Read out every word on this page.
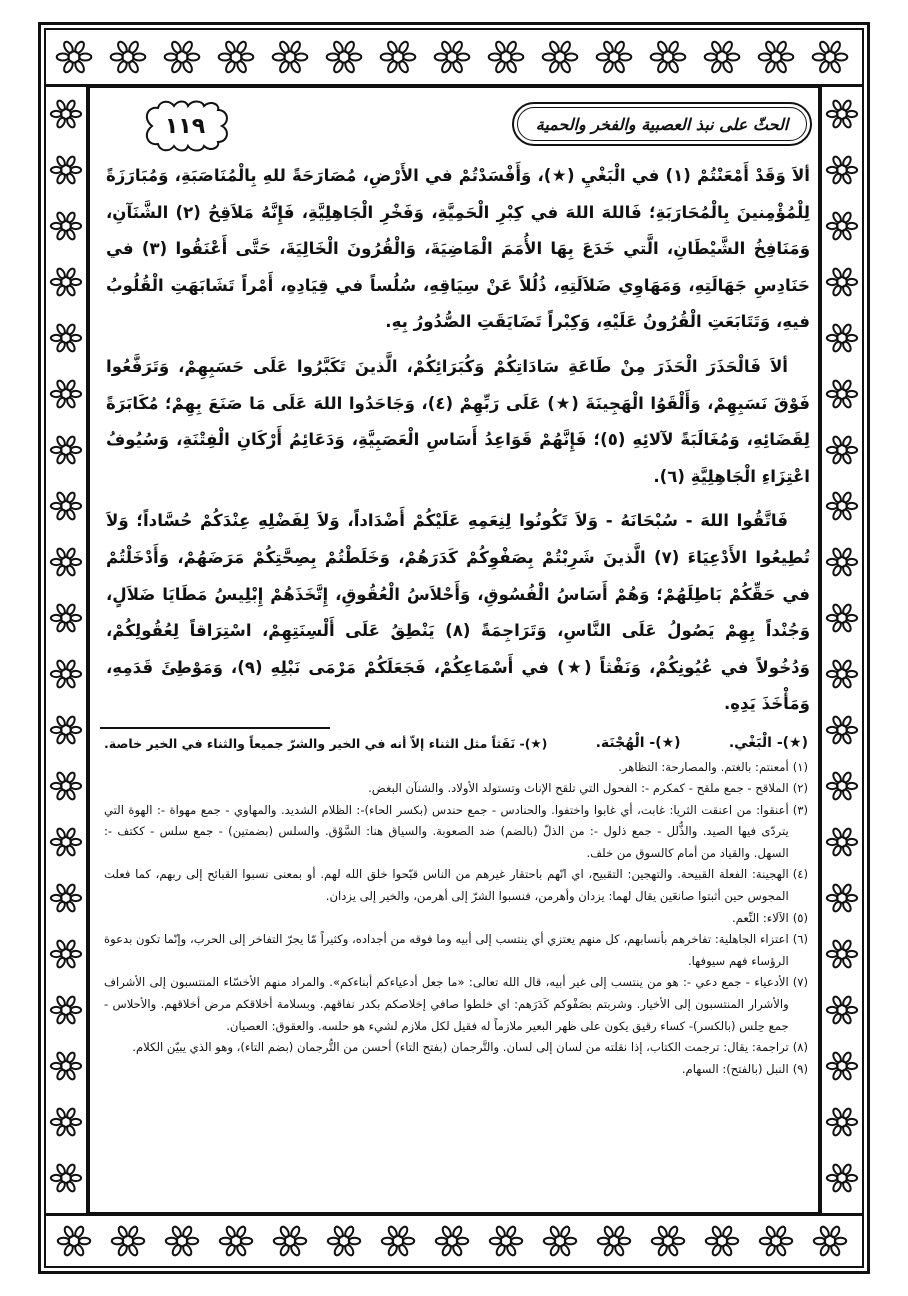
الحثّ على نبذ العصبية والفخر والحمية
١١٩

ألاَ وَقَدْ أَمْعَنْتُمْ (١) في الْبَغْيِ (★)، وَأَفْسَدْتُمْ في الأَرْضِ، مُصَارَحَةً للهِ بِالْمُنَاصَبَةِ، وَمُبَارَزَةً لِلْمُؤْمِنينَ بِالْمُحَارَبَةِ؛ فَاللهَ اللهَ في كِبْرِ الْحَمِيَّةِ، وَفَخْرِ الْجَاهِلِيَّةِ، فَإِنَّهُ مَلاَقِحُ (٢) الشَّنَآنِ، وَمَنَافِخُ الشَّيْطَانِ، الَّتي خَدَعَ بِهَا الأُمَمَ الْمَاضِيَةَ، وَالْقُرُونَ الْخَالِيَةَ، حَتَّى أَعْنَقُوا (٣) في حَنَادِسِ جَهَالَتِهِ، وَمَهَاوِي ضَلاَلَتِهِ، ذُلُلاً عَنْ سِيَاقِهِ، سُلُساً في قِيَادِهِ، أَمْراً تَشَابَهَتِ الْقُلُوبُ فيهِ، وَتَتَابَعَتِ الْقُرُونُ عَلَيْهِ، وَكِبْراً تَضَايَقَتِ الصُّدُورُ بِهِ.

ألاَ فَالْحَذَرَ الْحَذَرَ مِنْ طَاعَةِ سَادَاتِكُمْ وَكُبَرَائِكُمْ، الَّذينَ تَكَبَّرُوا عَلَى حَسَبِهِمْ، وَتَرَفَّعُوا فَوْقَ نَسَبِهِمْ، وَأَلْقَوُا الْهَجِينَةَ (★) عَلَى رَبِّهِمْ (٤)، وَجَاحَدُوا اللهَ عَلَى مَا صَنَعَ بِهِمْ؛ مُكَابَرَةً لِقَضَائِهِ، وَمُغَالَبَةً لآلائِهِ (٥)؛ فَإِنَّهُمْ قَوَاعِدُ أَسَاسِ الْعَصَبِيَّةِ، وَدَعَائِمُ أَرْكَانِ الْفِتْنَةِ، وَسُيُوفُ اعْتِزَاءِ الْجَاهِلِيَّةِ (٦).

فَاتَّقُوا اللهَ - سُبْحَانَهُ - وَلاَ تَكُونُوا لِنِعَمِهِ عَلَيْكُمْ أَضْدَاداً، وَلاَ لِفَضْلِهِ عِنْدَكُمْ حُسَّاداً؛ وَلاَ تُطِيعُوا الأَدْعِيَاءَ (٧) الَّذينَ شَرِبْتُمْ بِصَفْوِكُمْ كَدَرَهُمْ، وَخَلَطْتُمْ بِصِحَّتِكُمْ مَرَضَهُمْ، وَأَدْخَلْتُمْ في حَقِّكُمْ بَاطِلَهُمْ؛ وَهُمْ أَسَاسُ الْفُسُوقِ، وَأَحْلاَسُ الْعُقُوقِ، إِتَّخَذَهُمْ إِبْلِيسُ مَطَايَا ضَلاَلٍ، وَجُنْداً بِهِمْ يَصُولُ عَلَى النَّاسِ، وَتَرَاجِمَةً (٨) يَنْطِقُ عَلَى أَلْسِنَتِهِمْ، اسْتِرَاقاً لِعُقُولِكُمْ، وَدُخُولاً في عُيُونِكُمْ، وَنَفْثاً (★) في أَسْمَاعِكُمْ، فَجَعَلَكُمْ مَرْمَى نَبْلِهِ (٩)، وَمَوْطِئَ قَدَمِهِ، وَمَأْخَذَ يَدِهِ.

(★)- الْبَغْي.
(★)- الْهُجْنَة.
(★)- نَفَثاً مثل الثناء إلاّ أنه في الخير والشرّ جميعاً والثناء في الخير خاصة.
(١)
أمعنتم: بالغتم. والمصارحة: التظاهر.
(٢)
الملاقح - جمع ملقح - كمكرم -: الفحول التي تلقح الإناث وتستولد الأولاد. والشنآن البغض.
(٣)
أعنقوا: من اعنقت الثريا: غابت، أي غابوا واختفوا. والحنادس - جمع حندس (بكسر الحاء)-: الظلام الشديد. والمهاوي - جمع مهواة -: الهوة التي يتردّى فيها الصيد. والذُّلل - جمع ذلول -: من الذلّ (بالضم) ضد الصعوبة. والسياق هنا: السَّوْق. والسلس (بضمتين) - جمع سلس - ككتف -: السهل. والقياد من أمام كالسوق من خلف.
(٤)
الهجينة: الفعلة القبيحة. والتهجين: التقبيح، اي انّهم باحتقار غيرهم من الناس قبّحوا خلق الله لهم. أو بمعنى نسبوا القبائح إلى ربهم، كما فعلت المجوس حين أثبتوا صانعَين يقال لهما: يزدان وأهرمن، فنسبوا الشرّ إلى أهرمن، والخير إلى يزدان.
(٥)
الآلاء: النِّعم.
(٦)
اعتزاء الجاهلية: تفاخرهم بأنسابهم، كل منهم يعتزي أي ينتسب إلى أبيه وما فوقه من أجداده، وكثيراً مّا يجرّ التفاخر إلى الحرب، وإنّما تكون بدعوة الرؤساء فهم سيوفها.
(٧)
الأدعياء - جمع دعي -: هو من ينتسب إلى غير أبيه، قال الله تعالى: «ما جعل أدعياءكم أبناءكم». والمراد منهم الأخسّاء المنتسبون إلى الأشراف والأشرار المنتسبون إلى الأخيار. وشربتم بصَفْوكم كَدَرَهم: اي خلطوا صافي إخلاصكم بكدر نفاقهم. وبسلامة أخلاقكم مرض أخلاقهم. والأحلاس - جمع حِلس (بالكسر)- كساء رقيق يكون على ظهر البعير ملازماً له فقيل لكل ملازم لشيء هو حلسه. والعقوق: العصيان.
(٨)
تراجمة: يقال: ترجمت الكتاب، إذا نقلته من لسان إلى لسان. والتَّرجمان (بفتح التاء) أحسن من التُّرجمان (بضم التاء)، وهو الذي يبيّن الكلام.
(٩)
النبل (بالفتح): السهام.
